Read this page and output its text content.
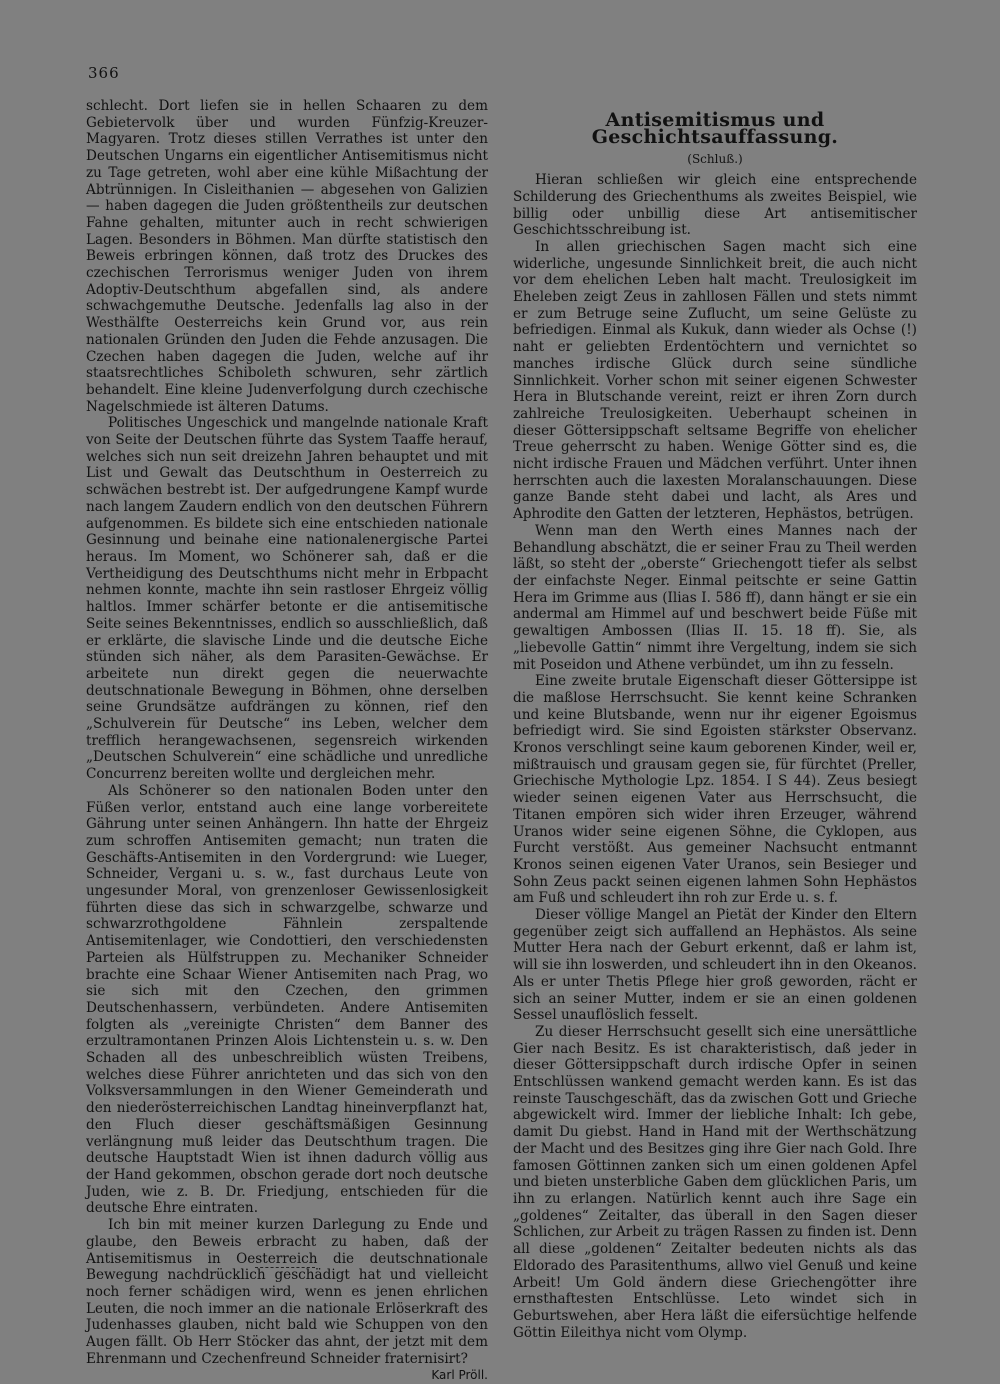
366

schlecht. Dort liefen sie in hellen Schaaren zu dem Gebietervolk über und wurden Fünfzig-Kreuzer-Magyaren. Trotz dieses stillen Verrathes ist unter den Deutschen Ungarns ein eigentlicher Antisemitismus nicht zu Tage getreten, wohl aber eine kühle Mißachtung der Abtrünnigen. In Cisleithanien — abgesehen von Galizien — haben dagegen die Juden größtentheils zur deutschen Fahne gehalten, mitunter auch in recht schwierigen Lagen. Besonders in Böhmen. Man dürfte statistisch den Beweis erbringen können, daß trotz des Druckes des czechischen Terrorismus weniger Juden von ihrem Adoptiv-Deutschthum abgefallen sind, als andere schwachgemuthe Deutsche. Jedenfalls lag also in der Westhälfte Oesterreichs kein Grund vor, aus rein nationalen Gründen den Juden die Fehde anzusagen. Die Czechen haben dagegen die Juden, welche auf ihr staatsrechtliches Schiboleth schwuren, sehr zärtlich behandelt. Eine kleine Judenverfolgung durch czechische Nagelschmiede ist älteren Datums.

Politisches Ungeschick und mangelnde nationale Kraft von Seite der Deutschen führte das System Taaffe herauf, welches sich nun seit dreizehn Jahren behauptet und mit List und Gewalt das Deutschthum in Oesterreich zu schwächen bestrebt ist. Der aufgedrungene Kampf wurde nach langem Zaudern endlich von den deutschen Führern aufgenommen. Es bildete sich eine entschieden nationale Gesinnung und beinahe eine nationalenergische Partei heraus. Im Moment, wo Schönerer sah, daß er die Vertheidigung des Deutschthums nicht mehr in Erbpacht nehmen konnte, machte ihn sein rastloser Ehrgeiz völlig haltlos. Immer schärfer betonte er die antisemitische Seite seines Bekenntnisses, endlich so ausschließlich, daß er erklärte, die slavische Linde und die deutsche Eiche stünden sich näher, als dem Parasiten-Gewächse. Er arbeitete nun direkt gegen die neuerwachte deutschnationale Bewegung in Böhmen, ohne derselben seine Grundsätze aufdrängen zu können, rief den „Schulverein für Deutsche“ ins Leben, welcher dem trefflich herangewachsenen, segensreich wirkenden „Deutschen Schulverein“ eine schädliche und unredliche Concurrenz bereiten wollte und dergleichen mehr.

Als Schönerer so den nationalen Boden unter den Füßen verlor, entstand auch eine lange vorbereitete Gährung unter seinen Anhängern. Ihn hatte der Ehrgeiz zum schroffen Antisemiten gemacht; nun traten die Geschäfts-Antisemiten in den Vordergrund: wie Lueger, Schneider, Vergani u. s. w., fast durchaus Leute von ungesunder Moral, von grenzenloser Gewissenlosigkeit führten diese das sich in schwarzgelbe, schwarze und schwarzrothgoldene Fähnlein zerspaltende Antisemitenlager, wie Condottieri, den verschiedensten Parteien als Hülfstruppen zu. Mechaniker Schneider brachte eine Schaar Wiener Antisemiten nach Prag, wo sie sich mit den Czechen, den grimmen Deutschenhassern, verbündeten. Andere Antisemiten folgten als „vereinigte Christen“ dem Banner des erzultramontanen Prinzen Alois Lichtenstein u. s. w. Den Schaden all des unbeschreiblich wüsten Treibens, welches diese Führer anrichteten und das sich von den Volksversammlungen in den Wiener Gemeinderath und den niederösterreichischen Landtag hineinverpflanzt hat, den Fluch dieser geschäftsmäßigen Gesinnung verlängnung muß leider das Deutschthum tragen. Die deutsche Hauptstadt Wien ist ihnen dadurch völlig aus der Hand gekommen, obschon gerade dort noch deutsche Juden, wie z. B. Dr. Friedjung, entschieden für die deutsche Ehre eintraten.

Ich bin mit meiner kurzen Darlegung zu Ende und glaube, den Beweis erbracht zu haben, daß der Antisemitismus in Oesterreich die deutschnationale Bewegung nachdrücklich geschädigt hat und vielleicht noch ferner schädigen wird, wenn es jenen ehrlichen Leuten, die noch immer an die nationale Erlöserkraft des Judenhasses glauben, nicht bald wie Schuppen von den Augen fällt. Ob Herr Stöcker das ahnt, der jetzt mit dem Ehrenmann und Czechenfreund Schneider fraternisirt?

Karl Pröll.

Antisemitismus und Geschichtsauffassung.
(Schluß.)

Hieran schließen wir gleich eine entsprechende Schilderung des Griechenthums als zweites Beispiel, wie billig oder unbillig diese Art antisemitischer Geschichtsschreibung ist.

In allen griechischen Sagen macht sich eine widerliche, ungesunde Sinnlichkeit breit, die auch nicht vor dem ehelichen Leben halt macht. Treulosigkeit im Eheleben zeigt Zeus in zahllosen Fällen und stets nimmt er zum Betruge seine Zuflucht, um seine Gelüste zu befriedigen. Einmal als Kukuk, dann wieder als Ochse (!) naht er geliebten Erdentöchtern und vernichtet so manches irdische Glück durch seine sündliche Sinnlichkeit. Vorher schon mit seiner eigenen Schwester Hera in Blutschande vereint, reizt er ihren Zorn durch zahlreiche Treulosigkeiten. Ueberhaupt scheinen in dieser Göttersippschaft seltsame Begriffe von ehelicher Treue geherrscht zu haben. Wenige Götter sind es, die nicht irdische Frauen und Mädchen verführt. Unter ihnen herrschten auch die laxesten Moralanschauungen. Diese ganze Bande steht dabei und lacht, als Ares und Aphrodite den Gatten der letzteren, Hephästos, betrügen.

Wenn man den Werth eines Mannes nach der Behandlung abschätzt, die er seiner Frau zu Theil werden läßt, so steht der „oberste“ Griechengott tiefer als selbst der einfachste Neger. Einmal peitschte er seine Gattin Hera im Grimme aus (Ilias I. 586 ff), dann hängt er sie ein andermal am Himmel auf und beschwert beide Füße mit gewaltigen Ambossen (Ilias II. 15. 18 ff). Sie, als „liebevolle Gattin“ nimmt ihre Vergeltung, indem sie sich mit Poseidon und Athene verbündet, um ihn zu fesseln.

Eine zweite brutale Eigenschaft dieser Göttersippe ist die maßlose Herrschsucht. Sie kennt keine Schranken und keine Blutsbande, wenn nur ihr eigener Egoismus befriedigt wird. Sie sind Egoisten stärkster Observanz. Kronos verschlingt seine kaum geborenen Kinder, weil er, mißtrauisch und grausam gegen sie, für fürchtet (Preller, Griechische Mythologie Lpz. 1854. I S 44). Zeus besiegt wieder seinen eigenen Vater aus Herrschsucht, die Titanen empören sich wider ihren Erzeuger, während Uranos wider seine eigenen Söhne, die Cyklopen, aus Furcht verstößt. Aus gemeiner Nachsucht entmannt Kronos seinen eigenen Vater Uranos, sein Besieger und Sohn Zeus packt seinen eigenen lahmen Sohn Hephästos am Fuß und schleudert ihn roh zur Erde u. s. f.

Dieser völlige Mangel an Pietät der Kinder den Eltern gegenüber zeigt sich auffallend an Hephästos. Als seine Mutter Hera nach der Geburt erkennt, daß er lahm ist, will sie ihn loswerden, und schleudert ihn in den Okeanos. Als er unter Thetis Pflege hier groß geworden, rächt er sich an seiner Mutter, indem er sie an einen goldenen Sessel unauflöslich fesselt.

Zu dieser Herrschsucht gesellt sich eine unersättliche Gier nach Besitz. Es ist charakteristisch, daß jeder in dieser Göttersippschaft durch irdische Opfer in seinen Entschlüssen wankend gemacht werden kann. Es ist das reinste Tauschgeschäft, das da zwischen Gott und Grieche abgewickelt wird. Immer der liebliche Inhalt: Ich gebe, damit Du giebst. Hand in Hand mit der Werthschätzung der Macht und des Besitzes ging ihre Gier nach Gold. Ihre famosen Göttinnen zanken sich um einen goldenen Apfel und bieten unsterbliche Gaben dem glücklichen Paris, um ihn zu erlangen. Natürlich kennt auch ihre Sage ein „goldenes“ Zeitalter, das überall in den Sagen dieser Schlichen, zur Arbeit zu trägen Rassen zu finden ist. Denn all diese „goldenen“ Zeitalter bedeuten nichts als das Eldorado des Parasitenthums, allwo viel Genuß und keine Arbeit! Um Gold ändern diese Griechengötter ihre ernsthaftesten Entschlüsse. Leto windet sich in Geburtswehen, aber Hera läßt die eifersüchtige helfende Göttin Eileithya nicht vom Olymp.
